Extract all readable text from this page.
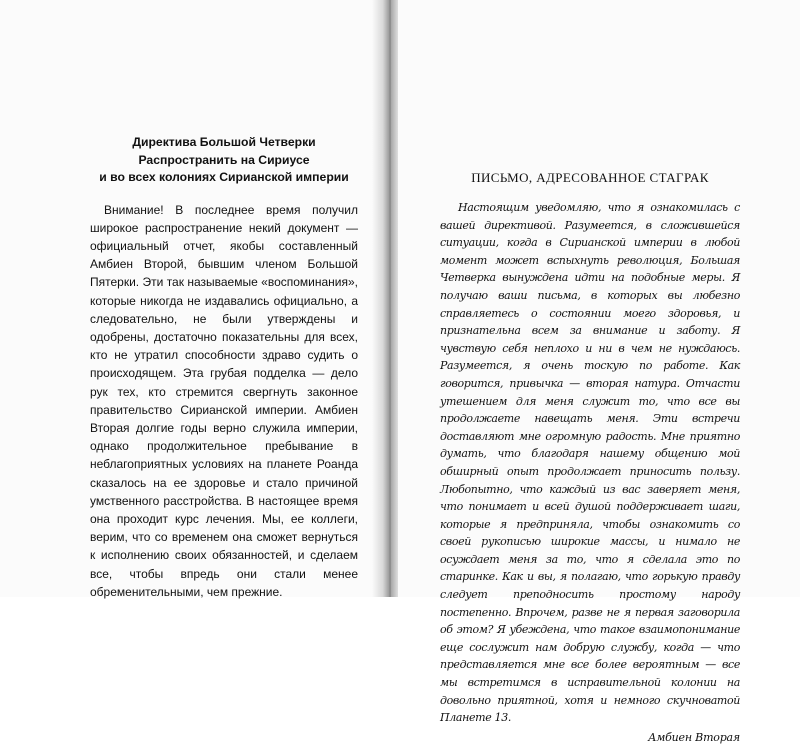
Директива Большой Четверки
Распространить на Сириусе
и во всех колониях Сирианской империи

Внимание! В последнее время получил широкое распространение некий документ — официальный отчет, якобы составленный Амбиен Второй, бывшим членом Большой Пятерки. Эти так называемые «воспоминания», которые никогда не издавались официально, а следовательно, не были утверждены и одобрены, достаточно показательны для всех, кто не утратил способности здраво судить о происходящем. Эта грубая подделка — дело рук тех, кто стремится свергнуть законное правительство Сирианской империи. Амбиен Вторая долгие годы верно служила империи, однако продолжительное пребывание в неблагоприятных условиях на планете Роанда сказалось на ее здоровье и стало причиной умственного расстройства. В настоящее время она проходит курс лечения. Мы, ее коллеги, верим, что со временем она сможет вернуться к исполнению своих обязанностей, и сделаем все, чтобы впредь они стали менее обременительными, чем прежние.

ПИСЬМО, АДРЕСОВАННОЕ СТАГРАК

Настоящим уведомляю, что я ознакомилась с вашей директивой. Разумеется, в сложившейся ситуации, когда в Сирианской империи в любой момент может вспыхнуть революция, Большая Четверка вынуждена идти на подобные меры. Я получаю ваши письма, в которых вы любезно справляетесь о состоянии моего здоровья, и признательна всем за внимание и заботу. Я чувствую себя неплохо и ни в чем не нуждаюсь. Разумеется, я очень тоскую по работе. Как говорится, привычка — вторая натура. Отчасти утешением для меня служит то, что все вы продолжаете навещать меня. Эти встречи доставляют мне огромную радость. Мне приятно думать, что благодаря нашему общению мой обширный опыт продолжает приносить пользу. Любопытно, что каждый из вас заверяет меня, что понимает и всей душой поддерживает шаги, которые я предприняла, чтобы ознакомить со своей рукописью широкие массы, и нимало не осуждает меня за то, что я сделала это по старинке. Как и вы, я полагаю, что горькую правду следует преподносить простому народу постепенно. Впрочем, разве не я первая заговорила об этом? Я убеждена, что такое взаимопонимание еще сослужит нам добрую службу, когда — что представляется мне все более вероятным — все мы встретимся в исправительной колонии на довольно приятной, хотя и немного скучноватой Планете 13.

Амбиен Вторая
